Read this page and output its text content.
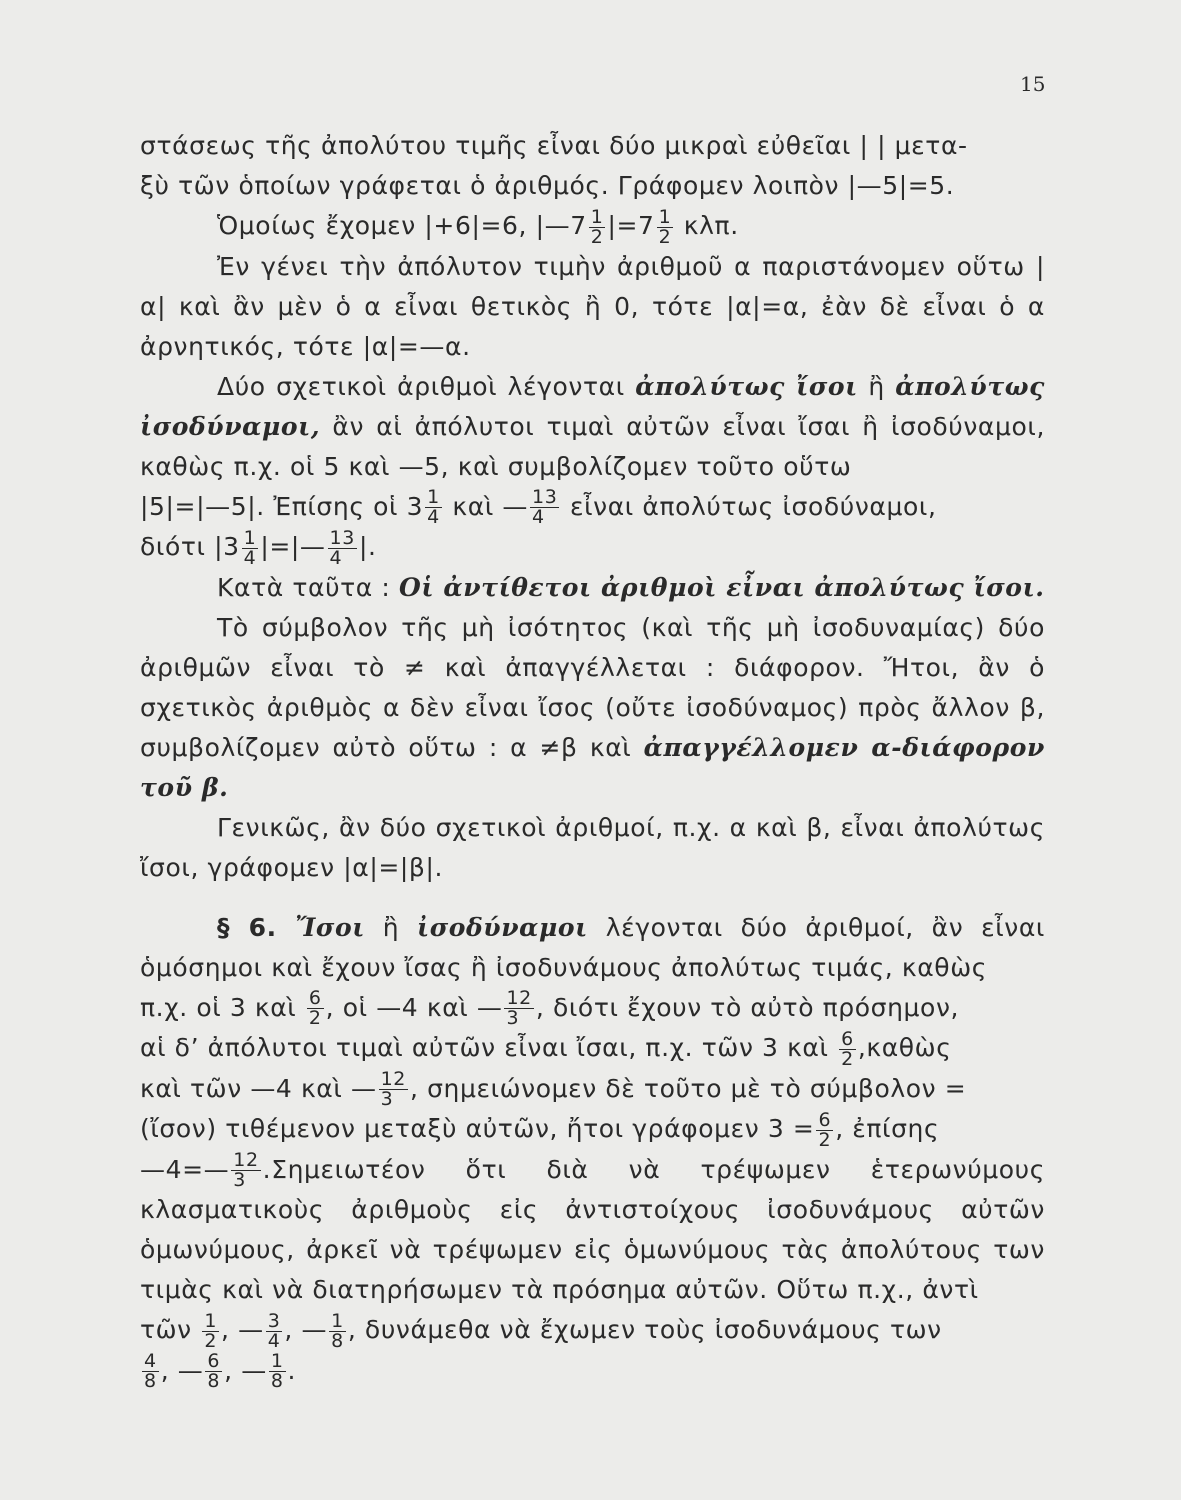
15

στάσεως τῆς ἀπολύτου τιμῆς εἶναι δύο μικραὶ εὐθεῖαι | | μετα-

ξὺ τῶν ὁποίων γράφεται ὁ ἀριθμός. Γράφομεν λοιπὸν |—5|=5.

Ὁμοίως ἔχομεν |+6|=6, |—7 $\frac{1}{2} |=7 \frac{1}{2} \kappa\lambda\pi$.

Ἐν γένει τὴν ἀπόλυτον τιμὴν ἀριθμοῦ α παριστάνομεν οὕτω |α| καὶ ἂν μὲν ὁ α εἶναι θετικὸς ἢ 0, τότε |α|=α, ἐὰν δὲ εἶναι ὁ α ἀρνητικός, τότε |α|=—α.

Δύο σχετικοὶ ἀριθμοὶ λέγονται ἀπολύτως ἴσοι ἢ ἀπολύτως ἰσοδύναμοι, ἂν αἱ ἀπόλυτοι τιμαὶ αὐτῶν εἶναι ἴσαι ἢ ἰσοδύναμοι, καθὼς π.χ. οἱ 5 καὶ —5, καὶ συμβολίζομεν τοῦτο οὕτω

|5|=|—5|. Ἐπίσης οἱ $3 \frac{1}{4}$ καὶ — $\frac{13}{4}$ εἶναι ἀπολύτως ἰσοδύναμοι,

διότι $|3 \frac{1}{4}$ |=|— $\frac{13}{4}$ |.

Κατὰ ταῦτα : Οἱ ἀντίθετοι ἀριθμοὶ εἶναι ἀπολύτως ἴσοι.

Τὸ σύμβολον τῆς μὴ ἰσότητος (καὶ τῆς μὴ ἰσοδυναμίας) δύο ἀριθμῶν εἶναι τὸ ≠ καὶ ἀπαγγέλλεται : διάφορον. Ἤτοι, ἂν ὁ σχετικὸς ἀριθμὸς α δὲν εἶναι ἴσος (οὔτε ἰσοδύναμος) πρὸς ἄλλον β, συμβολίζομεν αὐτὸ οὕτω : α ≠β καὶ ἀπαγγέλλομεν α-διάφορον τοῦ β.

Γενικῶς, ἂν δύο σχετικοὶ ἀριθμοί, π.χ. α καὶ β, εἶναι ἀπολύτως ἴσοι, γράφομεν |α|=|β|.

§ 6. Ἴσοι ἢ ἰσοδύναμοι λέγονται δύο ἀριθμοί, ἂν εἶναι ὁμόσημοι καὶ ἔχουν ἴσας ἢ ἰσοδυνάμους ἀπολύτως τιμάς, καθὼς

π.χ. οἱ 3 καὶ $\frac{6}{2}$ , οἱ —4 καὶ — $\frac{12}{3}$ , διότι ἔχουν τὸ αὐτὸ πρόσημον,

αἱ δ’ ἀπόλυτοι τιμαὶ αὐτῶν εἶναι ἴσαι, π.χ. τῶν 3 καὶ $\frac{6}{2}$ ,καθὼς

καὶ τῶν —4 καὶ — $\frac{12}{3}$ , σημειώνομεν δὲ τοῦτο μὲ τὸ σύμβολον =

(ἴσον) τιθέμενον μεταξὺ αὐτῶν, ἤτοι γράφομεν $3 = \frac{6}{2}$ , ἐπίσης

—4=— $\frac{12}{3} .\Sigma\eta\mu\varepsilon\iota\omega\tau έo\nu$ ὅτι διὰ νὰ τρέψωμεν ἑτερωνύμους κλασματικοὺς ἀριθμοὺς εἰς ἀντιστοίχους ἰσοδυνάμους αὐτῶν ὁμωνύμους, ἀρκεῖ νὰ τρέψωμεν εἰς ὁμωνύμους τὰς ἀπολύτους των τιμὰς καὶ νὰ διατηρήσωμεν τὰ πρόσημα αὐτῶν. Οὕτω π.χ., ἀντὶ

τῶν $\frac{1}{2}$ , — $\frac{3}{4}$ , — $\frac{1}{8}$ , δυνάμεθα νὰ ἔχωμεν τοὺς ἰσοδυνάμους των

$\frac{4}{8}$ , — $\frac{6}{8}$ , — $\frac{1}{8}$ .
